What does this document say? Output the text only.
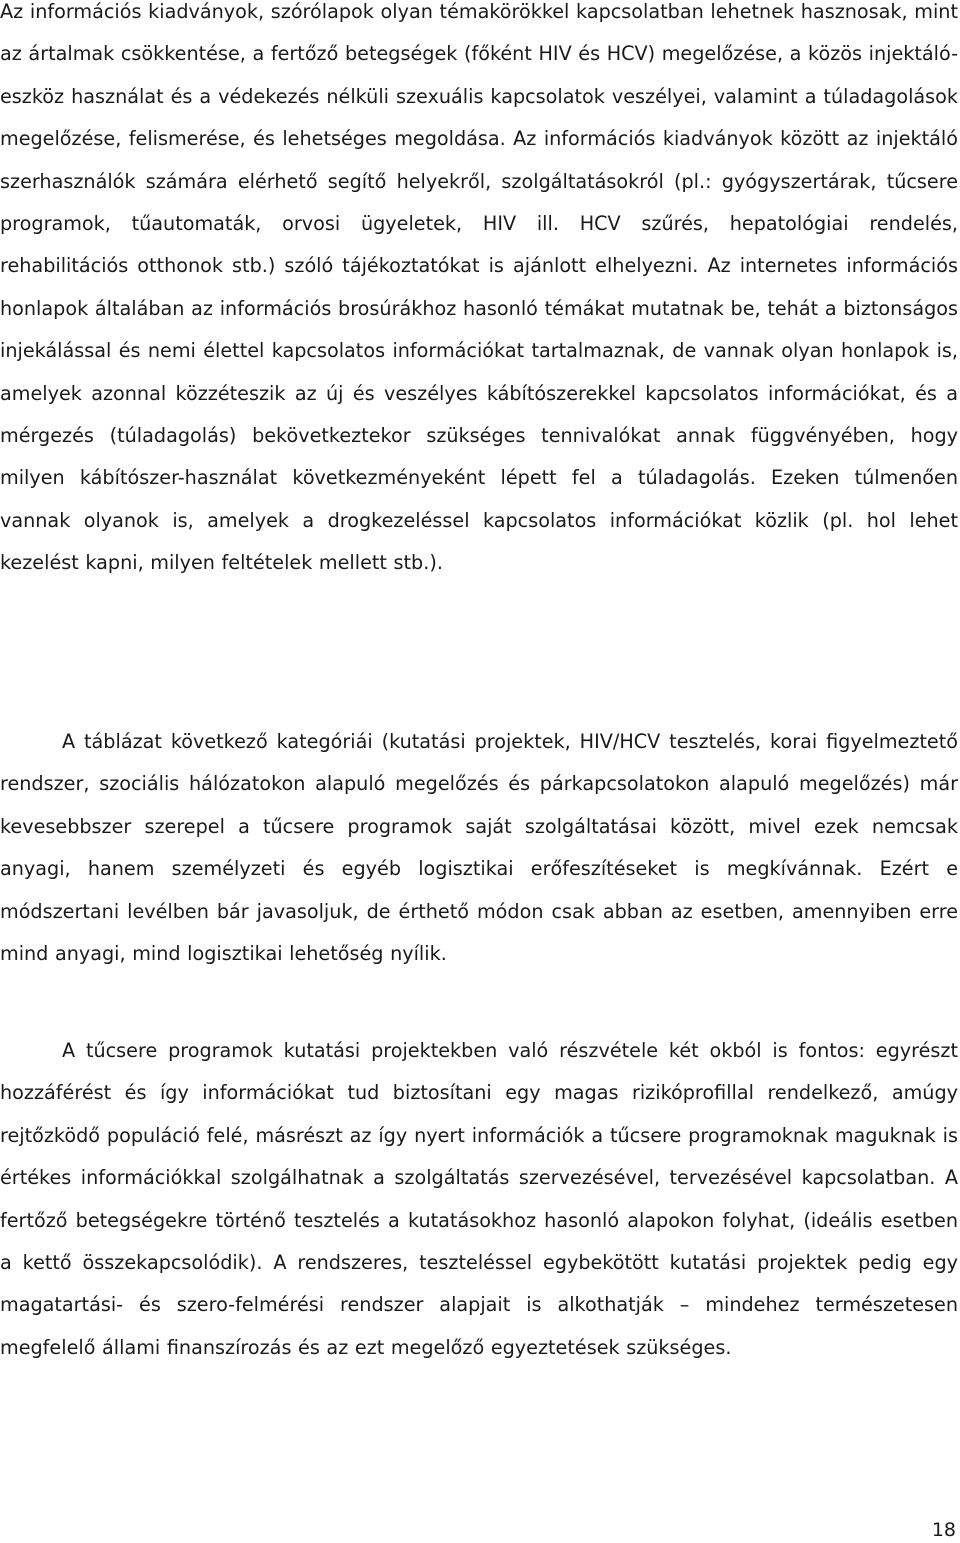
Az információs kiadványok, szórólapok olyan témakörökkel kapcsolatban lehetnek hasznosak, mint az ártalmak csökkentése, a fertőző betegségek (főként HIV és HCV) megelőzése, a közös injektáló-eszköz használat és a védekezés nélküli szexuális kapcsolatok veszélyei, valamint a túladagolások megelőzése, felismerése, és lehetséges megoldása. Az információs kiadványok között az injektáló szerhasználók számára elérhető segítő helyekről, szolgáltatásokról (pl.: gyógyszertárak, tűcsere programok, tűautomaták, orvosi ügyeletek, HIV ill. HCV szűrés, hepatológiai rendelés, rehabilitációs otthonok stb.) szóló tájékoztatókat is ajánlott elhelyezni. Az internetes információs honlapok általában az információs brosúrákhoz hasonló témákat mutatnak be, tehát a biztonságos injekálással és nemi élettel kapcsolatos információkat tartalmaznak, de vannak olyan honlapok is, amelyek azonnal közzéteszik az új és veszélyes kábítószerekkel kapcsolatos információkat, és a mérgezés (túladagolás) bekövetkeztekor szükséges tennivalókat annak függvényében, hogy milyen kábítószer-használat következményeként lépett fel a túladagolás. Ezeken túlmenően vannak olyanok is, amelyek a drogkezeléssel kapcsolatos információkat közlik (pl. hol lehet kezelést kapni, milyen feltételek mellett stb.).

A táblázat következő kategóriái (kutatási projektek, HIV/HCV tesztelés, korai figyelmeztető rendszer, szociális hálózatokon alapuló megelőzés és párkapcsolatokon alapuló megelőzés) már kevesebbszer szerepel a tűcsere programok saját szolgáltatásai között, mivel ezek nemcsak anyagi, hanem személyzeti és egyéb logisztikai erőfeszítéseket is megkívánnak. Ezért e módszertani levélben bár javasoljuk, de érthető módon csak abban az esetben, amennyiben erre mind anyagi, mind logisztikai lehetőség nyílik.

A tűcsere programok kutatási projektekben való részvétele két okból is fontos: egyrészt hozzáférést és így információkat tud biztosítani egy magas rizikóprofillal rendelkező, amúgy rejtőzködő populáció felé, másrészt az így nyert információk a tűcsere programoknak maguknak is értékes információkkal szolgálhatnak a szolgáltatás szervezésével, tervezésével kapcsolatban. A fertőző betegségekre történő tesztelés a kutatásokhoz hasonló alapokon folyhat, (ideális esetben a kettő összekapcsolódik). A rendszeres, teszteléssel egybekötött kutatási projektek pedig egy magatartási- és szero-felmérési rendszer alapjait is alkothatják – mindehez természetesen megfelelő állami finanszírozás és az ezt megelőző egyeztetések szükséges.

18
